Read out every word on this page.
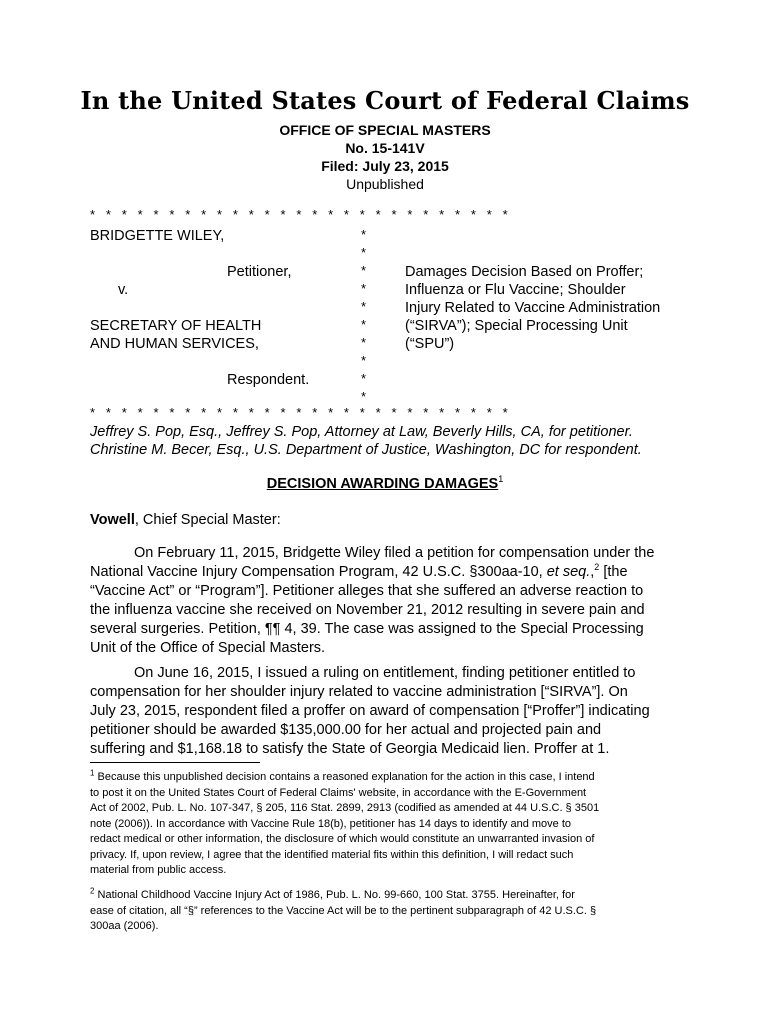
In the United States Court of Federal Claims
OFFICE OF SPECIAL MASTERS
No. 15-141V
Filed: July 23, 2015
Unpublished
* * * * * * * * * * * * * * * * * * * * * * * * * * *
BRIDGETTE WILEY,
Petitioner,
v.
SECRETARY OF HEALTH
AND HUMAN SERVICES,
Respondent.
*
*
*
*
*
*
*
*
*
*
Damages Decision Based on Proffer;
Influenza or Flu Vaccine; Shoulder
Injury Related to Vaccine Administration
(“SIRVA”); Special Processing Unit
(“SPU”)
* * * * * * * * * * * * * * * * * * * * * * * * * * *
Jeffrey S. Pop, Esq., Jeffrey S. Pop, Attorney at Law, Beverly Hills, CA, for petitioner.
Christine M. Becer, Esq., U.S. Department of Justice, Washington, DC for respondent.
DECISION AWARDING DAMAGES$^1$
Vowell, Chief Special Master:
On February 11, 2015, Bridgette Wiley filed a petition for compensation under the
National Vaccine Injury Compensation Program, 42 U.S.C. §300aa-10, et seq.,$^2$ [the
“Vaccine Act” or “Program”]. Petitioner alleges that she suffered an adverse reaction to
the influenza vaccine she received on November 21, 2012 resulting in severe pain and
several surgeries. Petition, ¶¶ 4, 39. The case was assigned to the Special Processing
Unit of the Office of Special Masters.
On June 16, 2015, I issued a ruling on entitlement, finding petitioner entitled to
compensation for her shoulder injury related to vaccine administration [“SIRVA”]. On
July 23, 2015, respondent filed a proffer on award of compensation [“Proffer”] indicating
petitioner should be awarded $135,000.00 for her actual and projected pain and
suffering and $1,168.18 to satisfy the State of Georgia Medicaid lien. Proffer at 1.
$^1$ Because this unpublished decision contains a reasoned explanation for the action in this case, I intend
to post it on the United States Court of Federal Claims' website, in accordance with the E-Government
Act of 2002, Pub. L. No. 107-347, § 205, 116 Stat. 2899, 2913 (codified as amended at 44 U.S.C. § 3501
note (2006)). In accordance with Vaccine Rule 18(b), petitioner has 14 days to identify and move to
redact medical or other information, the disclosure of which would constitute an unwarranted invasion of
privacy. If, upon review, I agree that the identified material fits within this definition, I will redact such
material from public access.
$^2$ National Childhood Vaccine Injury Act of 1986, Pub. L. No. 99-660, 100 Stat. 3755. Hereinafter, for
ease of citation, all “§” references to the Vaccine Act will be to the pertinent subparagraph of 42 U.S.C. §
300aa (2006).
